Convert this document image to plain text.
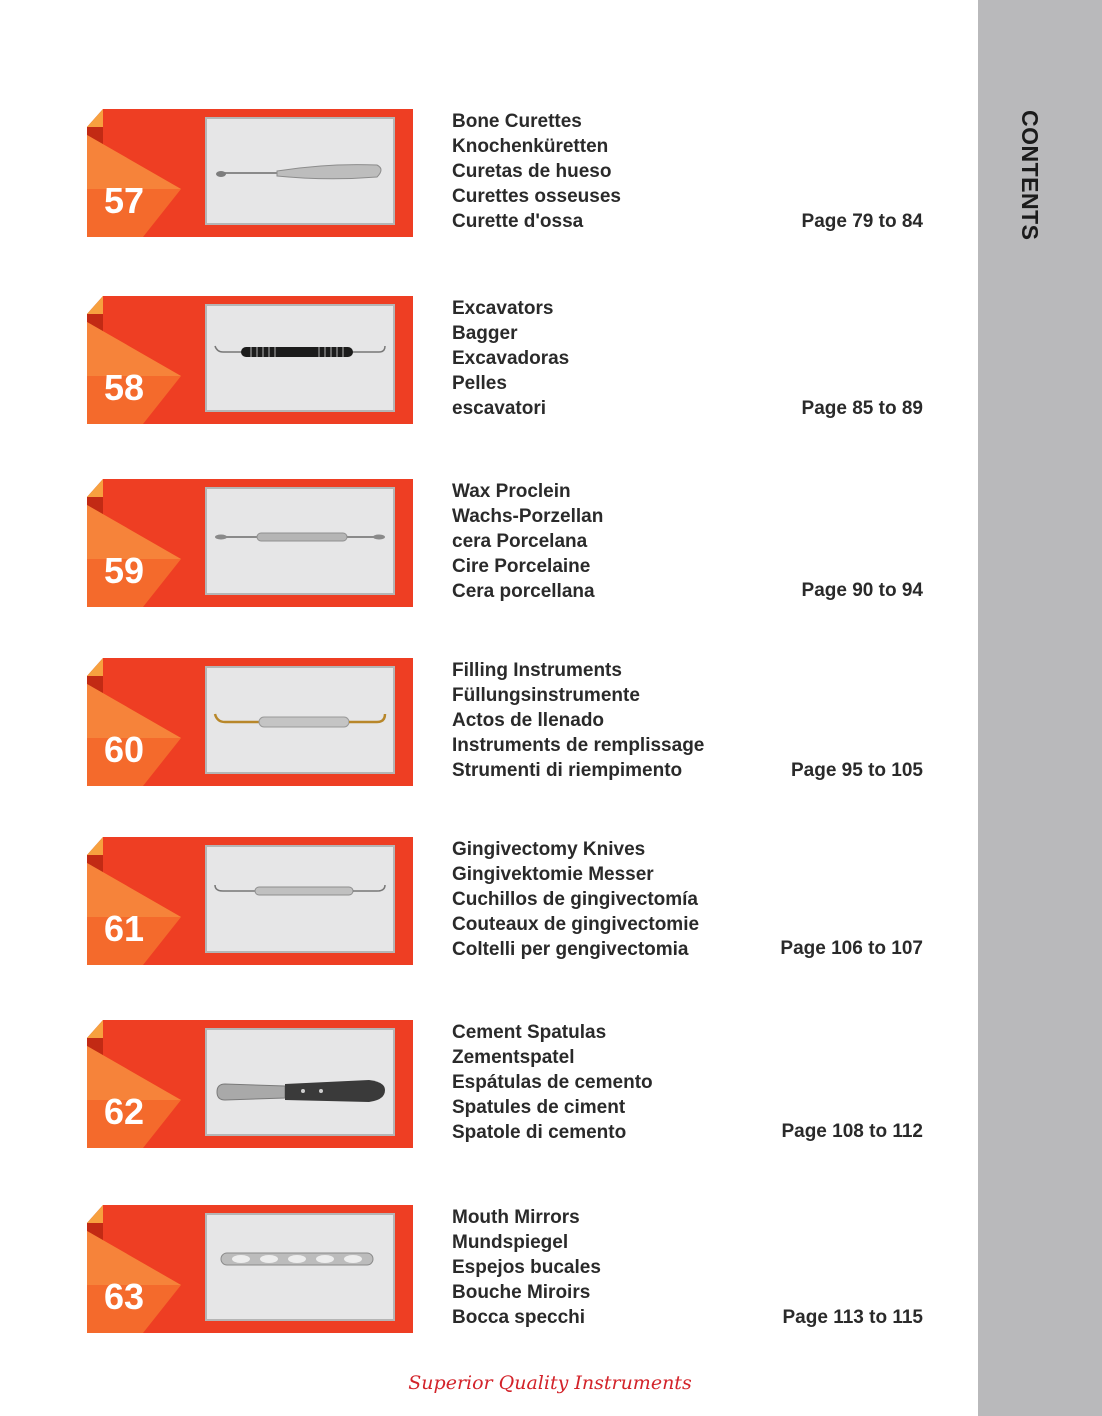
CONTENTS

57

Bone Curettes
Knochenküretten
Curetas de hueso
Curettes osseuses
Curette d'ossa	Page 79 to 84

58

Excavators
Bagger
Excavadoras
Pelles
escavatori	Page 85 to 89

59

Wax Proclein
Wachs-Porzellan
cera Porcelana
Cire Porcelaine
Cera porcellana	Page 90 to 94

60

Filling Instruments
Füllungsinstrumente
Actos de llenado
Instruments de remplissage
Strumenti di riempimento	Page 95 to 105

61

Gingivectomy Knives
Gingivektomie Messer
Cuchillos de gingivectomía
Couteaux de gingivectomie
Coltelli per gengivectomia	Page 106 to 107

62

Cement Spatulas
Zementspatel
Espátulas de cemento
Spatules de ciment
Spatole di cemento	Page 108 to 112

63

Mouth Mirrors
Mundspiegel
Espejos bucales
Bouche Miroirs
Bocca specchi	Page 113 to 115

Superior Quality Instruments
